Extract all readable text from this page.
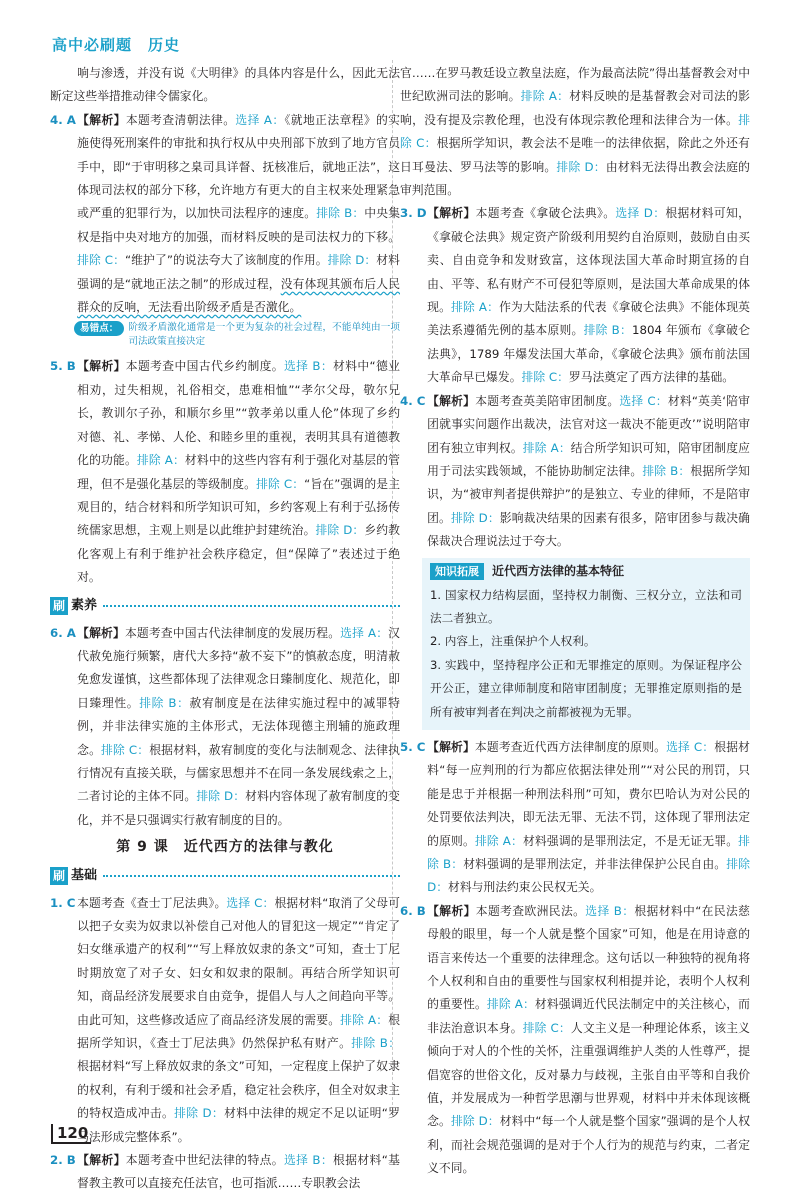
高中必刷题　历史

响与渗透，并没有说《大明律》的具体内容是什么，因此无法断定这些举措推动律令儒家化。

4. A 【解析】本题考查清朝法律。选择 A：《就地正法章程》的实施使得死刑案件的审批和执行权从中央刑部下放到了地方官员手中，即“于审明移之臬司具详督、抚核准后，就地正法”，这体现司法权的部分下移，允许地方有更大的自主权来处理紧急或严重的犯罪行为，以加快司法程序的速度。排除 B：中央集权是指中央对地方的加强，而材料反映的是司法权力的下移。排除 C：“维护了”的说法夸大了该制度的作用。排除 D：材料强调的是“就地正法之制”的形成过程，没有体现其颁布后人民群众的反响，无法看出阶级矛盾是否激化。

易错点：	阶级矛盾激化通常是一个更为复杂的社会过程，不能单纯由一项司法政策直接决定

5. B 【解析】本题考查中国古代乡约制度。选择 B：材料中“德业相劝，过失相规，礼俗相交，患难相恤”“孝尔父母，敬尔兄长，教训尔子孙，和顺尔乡里”“敦孝弟以重人伦”体现了乡约对德、礼、孝悌、人伦、和睦乡里的重视，表明其具有道德教化的功能。排除 A：材料中的这些内容有利于强化对基层的管理，但不是强化基层的等级制度。排除 C：“旨在”强调的是主观目的，结合材料和所学知识可知，乡约客观上有利于弘扬传统儒家思想，主观上则是以此维护封建统治。排除 D：乡约教化客观上有利于维护社会秩序稳定，但“保障了”表述过于绝对。

刷 素养

6. A 【解析】本题考查中国古代法律制度的发展历程。选择 A：汉代赦免施行频繁，唐代大多持“赦不妄下”的慎赦态度，明清赦免愈发谨慎，这些都体现了法律观念日臻制度化、规范化，即日臻理性。排除 B：赦宥制度是在法律实施过程中的减罪特例，并非法律实施的主体形式，无法体现德主刑辅的施政理念。排除 C：根据材料，赦宥制度的变化与法制观念、法律执行情况有直接关联，与儒家思想并不在同一条发展线索之上，二者讨论的主体不同。排除 D：材料内容体现了赦宥制度的变化，并不是只强调实行赦宥制度的目的。

第 9 课　近代西方的法律与教化
刷 基础

1. C 本题考查《查士丁尼法典》。选择 C：根据材料“取消了父母可以把子女卖为奴隶以补偿自己对他人的冒犯这一规定”“肯定了妇女继承遗产的权利”“写上释放奴隶的条文”可知，查士丁尼时期放宽了对子女、妇女和奴隶的限制。再结合所学知识可知，商品经济发展要求自由竞争，提倡人与人之间趋向平等。由此可知，这些修改适应了商品经济发展的需要。排除 A：根据所学知识，《查士丁尼法典》仍然保护私有财产。排除 B：根据材料“写上释放奴隶的条文”可知，一定程度上保护了奴隶的权利，有利于缓和社会矛盾，稳定社会秩序，但全对奴隶主的特权造成冲击。排除 D：材料中法律的规定不足以证明“罗马法形成完整体系”。

2. B 【解析】本题考查中世纪法律的特点。选择 B：根据材料“基督教主教可以直接充任法官，也可指派……专职教会法

官……在罗马教廷设立教皇法庭，作为最高法院”得出基督教会对中世纪欧洲司法的影响。排除 A：材料反映的是基督教会对司法的影响，没有提及宗教伦理，也没有体现宗教伦理和法律合为一体。排除 C：根据所学知识，教会法不是唯一的法律依据，除此之外还有日耳曼法、罗马法等的影响。排除 D：由材料无法得出教会法庭的审判范围。

3. D 【解析】本题考查《拿破仑法典》。选择 D：根据材料可知，《拿破仑法典》规定资产阶级利用契约自治原则，鼓励自由买卖、自由竞争和发财致富，这体现法国大革命时期宣扬的自由、平等、私有财产不可侵犯等原则，是法国大革命成果的体现。排除 A：作为大陆法系的代表《拿破仑法典》不能体现英美法系遵循先例的基本原则。排除 B：1804 年颁布《拿破仑法典》，1789 年爆发法国大革命，《拿破仑法典》颁布前法国大革命早已爆发。排除 C：罗马法奠定了西方法律的基础。

4. C 【解析】本题考查英美陪审团制度。选择 C：材料“英美‘陪审团就事实问题作出裁决，法官对这一裁决不能更改’”说明陪审团有独立审判权。排除 A：结合所学知识可知，陪审团制度应用于司法实践领域，不能协助制定法律。排除 B：根据所学知识，为“被审判者提供辩护”的是独立、专业的律师，不是陪审团。排除 D：影响裁决结果的因素有很多，陪审团参与裁决确保裁决合理说法过于夸大。

知识拓展	近代西方法律的基本特征

1. 国家权力结构层面，坚持权力制衡、三权分立，立法和司法二者独立。

2. 内容上，注重保护个人权利。

3. 实践中，坚持程序公正和无罪推定的原则。为保证程序公开公正，建立律师制度和陪审团制度；无罪推定原则指的是所有被审判者在判决之前都被视为无罪。

5. C 【解析】本题考查近代西方法律制度的原则。选择 C：根据材料“每一应判刑的行为都应依据法律处刑”“对公民的刑罚，只能是忠于并根据一种刑法科刑”可知，费尔巴哈认为对公民的处罚要依法判决，即无法无罪、无法不罚，这体现了罪刑法定的原则。排除 A：材料强调的是罪刑法定，不是无证无罪。排除 B：材料强调的是罪刑法定，并非法律保护公民自由。排除 D：材料与刑法约束公民权无关。

6. B 【解析】本题考查欧洲民法。选择 B：根据材料中“在民法慈母般的眼里，每一个人就是整个国家”可知，他是在用诗意的语言来传达一个重要的法律理念。这句话以一种独特的视角将个人权利和自由的重要性与国家权利相提并论，表明个人权利的重要性。排除 A：材料强调近代民法制定中的关注核心，而非法治意识本身。排除 C：人文主义是一种理论体系，该主义倾向于对人的个性的关怀，注重强调维护人类的人性尊严，提倡宽容的世俗文化，反对暴力与歧视，主张自由平等和自我价值，并发展成为一种哲学思潮与世界观，材料中并未体现该概念。排除 D：材料中“每一个人就是整个国家”强调的是个人权利，而社会规范强调的是对于个人行为的规范与约束，二者定义不同。

120
